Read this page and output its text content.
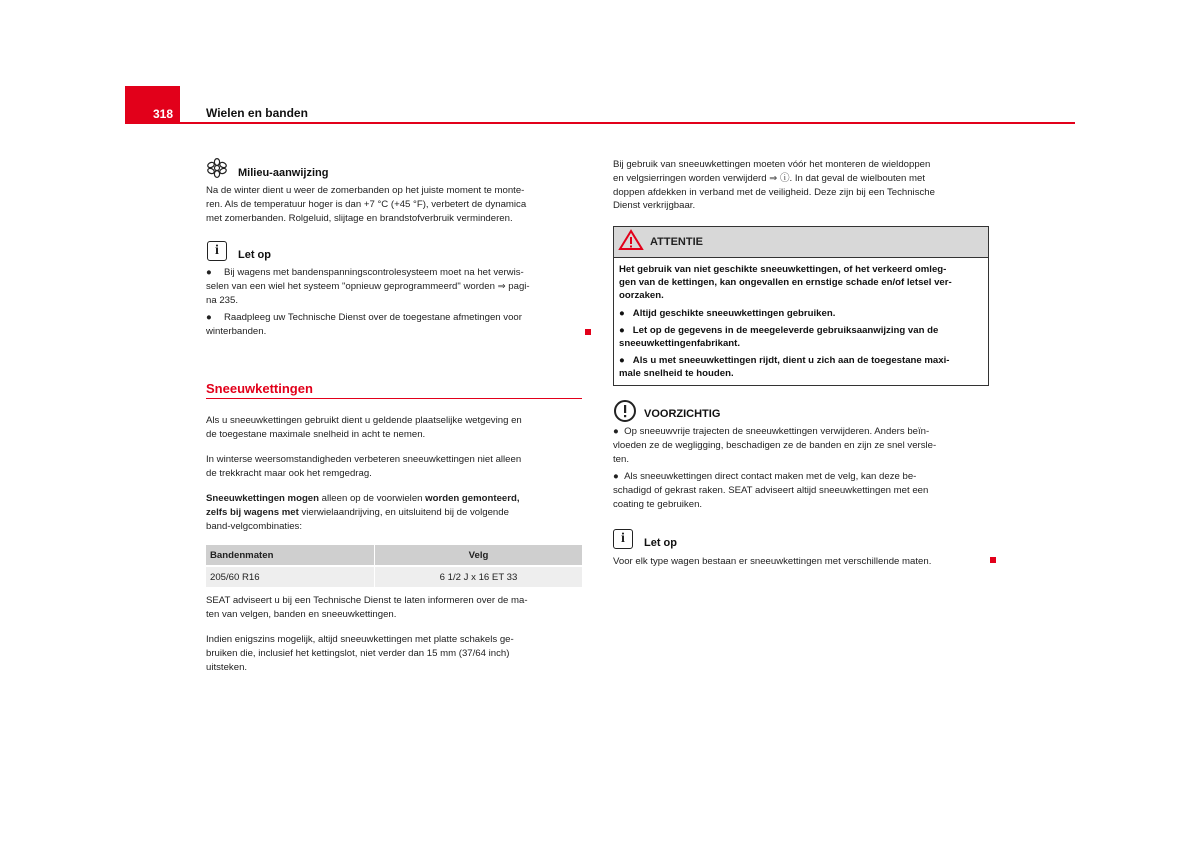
318	Wielen en banden
Milieu-aanwijzing
Na de winter dient u weer de zomerbanden op het juiste moment te monte-
ren. Als de temperatuur hoger is dan +7 °C (+45 °F), verbetert de dynamica
met zomerbanden. Rolgeluid, slijtage en brandstofverbruik verminderen.
i	Let op
●	Bij wagens met bandenspanningscontrolesysteem moet na het verwis-
selen van een wiel het systeem "opnieuw geprogrammeerd" worden ⇒ pagi-
na 235.
●	Raadpleeg uw Technische Dienst over de toegestane afmetingen voor
winterbanden.
Sneeuwkettingen
Als u sneeuwkettingen gebruikt dient u geldende plaatselijke wetgeving en
de toegestane maximale snelheid in acht te nemen.
In winterse weersomstandigheden verbeteren sneeuwkettingen niet alleen
de trekkracht maar ook het remgedrag.
Sneeuwkettingen mogen alleen op de voorwielen worden gemonteerd,
zelfs bij wagens met vierwielaandrijving, en uitsluitend bij de volgende
band-velgcombinaties:
Bandenmaten	Velg
205/60 R16	6 1/2 J x 16 ET 33
SEAT adviseert u bij een Technische Dienst te laten informeren over de ma-
ten van velgen, banden en sneeuwkettingen.
Indien enigszins mogelijk, altijd sneeuwkettingen met platte schakels ge-
bruiken die, inclusief het kettingslot, niet verder dan 15 mm (37/64 inch)
uitsteken.
Bij gebruik van sneeuwkettingen moeten vóór het monteren de wieldoppen
en velgsierringen worden verwijderd ⇒ ⓘ. In dat geval de wielbouten met
doppen afdekken in verband met de veiligheid. Deze zijn bij een Technische
Dienst verkrijgbaar.
ATTENTIE

Het gebruik van niet geschikte sneeuwkettingen, of het verkeerd omleg-
gen van de kettingen, kan ongevallen en ernstige schade en/of letsel ver-
oorzaken.

●   Altijd geschikte sneeuwkettingen gebruiken.

●   Let op de gegevens in de meegeleverde gebruiksaanwijzing van de
sneeuwkettingenfabrikant.

●   Als u met sneeuwkettingen rijdt, dient u zich aan de toegestane maxi-
male snelheid te houden.

VOORZICHTIG
●  Op sneeuwvrije trajecten de sneeuwkettingen verwijderen. Anders beïn-
vloeden ze de wegligging, beschadigen ze de banden en zijn ze snel versle-
ten.
●  Als sneeuwkettingen direct contact maken met de velg, kan deze be-
schadigd of gekrast raken. SEAT adviseert altijd sneeuwkettingen met een
coating te gebruiken.
i	Let op
Voor elk type wagen bestaan er sneeuwkettingen met verschillende maten.
